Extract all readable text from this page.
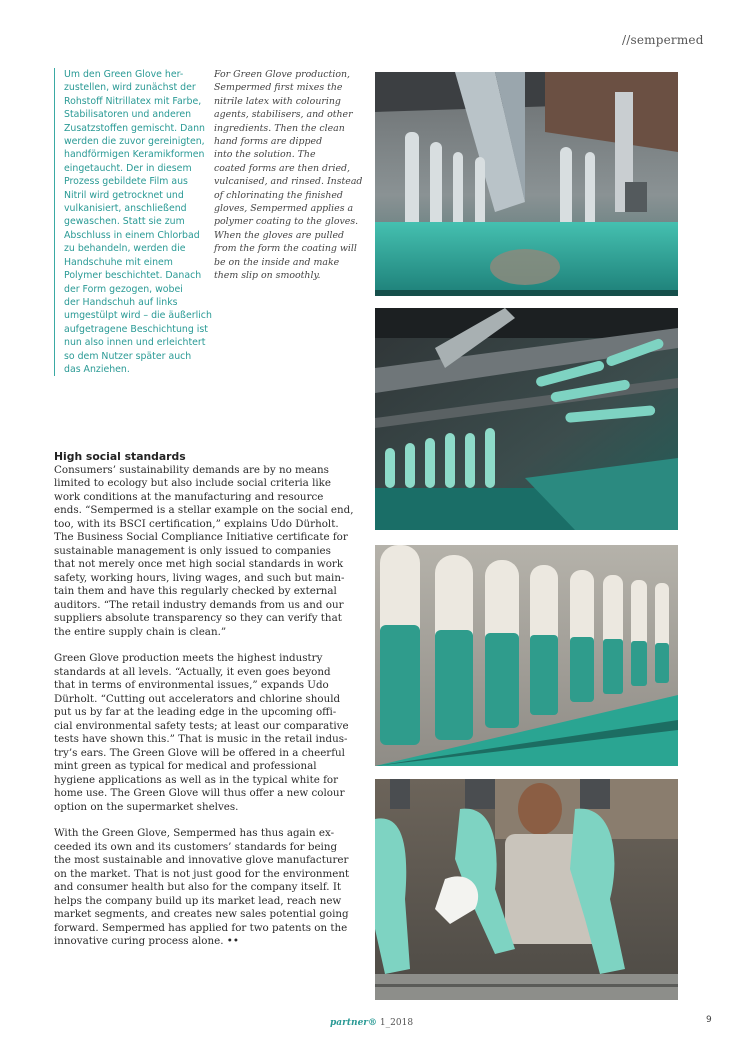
//sempermed
Um den Green Glove her-
zustellen, wird zunächst der
Rohstoff Nitrillatex mit Farbe,
Stabilisatoren und anderen
Zusatzstoffen gemischt. Dann
werden die zuvor gereinigten,
handförmigen Keramikformen
eingetaucht. Der in diesem
Prozess gebildete Film aus
Nitril wird getrocknet und
vulkanisiert, anschließend
gewaschen. Statt sie zum
Abschluss in einem Chlorbad
zu behandeln, werden die
Handschuhe mit einem
Polymer beschichtet. Danach
der Form gezogen, wobei
der Handschuh auf links
umgestülpt wird – die äußerlich
aufgetragene Beschichtung ist
nun also innen und erleichtert
so dem Nutzer später auch
das Anziehen.
For Green Glove production,
Sempermed first mixes the
nitrile latex with colouring
agents, stabilisers, and other
ingredients. Then the clean
hand forms are dipped
into the solution. The
coated forms are then dried,
vulcanised, and rinsed. Instead
of chlorinating the finished
gloves, Sempermed applies a
polymer coating to the gloves.
When the gloves are pulled
from the form the coating will
be on the inside and make
them slip on smoothly.
High social standards

Consumers’ sustainability demands are by no means
limited to ecology but also include social criteria like
work conditions at the manufacturing and resource
ends. “Sempermed is a stellar example on the social end,
too, with its BSCI certification,” explains Udo Dürholt.
The Business Social Compliance Initiative certificate for
sustainable management is only issued to companies
that not merely once met high social standards in work
safety, working hours, living wages, and such but main-
tain them and have this regularly checked by external
auditors. “The retail industry demands from us and our
suppliers absolute transparency so they can verify that
the entire supply chain is clean.”

Green Glove production meets the highest industry
standards at all levels. “Actually, it even goes beyond
that in terms of environmental issues,” expands Udo
Dürholt. “Cutting out accelerators and chlorine should
put us by far at the leading edge in the upcoming offi-
cial environmental safety tests; at least our comparative
tests have shown this.” That is music in the retail indus-
try’s ears. The Green Glove will be offered in a cheerful
mint green as typical for medical and professional
hygiene applications as well as in the typical white for
home use. The Green Glove will thus offer a new colour
option on the supermarket shelves.

With the Green Glove, Sempermed has thus again ex-
ceeded its own and its customers’ standards for being
the most sustainable and innovative glove manufacturer
on the market. That is not just good for the environment
and consumer health but also for the company itself. It
helps the company build up its market lead, reach new
market segments, and creates new sales potential going
forward. Sempermed has applied for two patents on the
innovative curing process alone. ••

partner® 1_2018	9
